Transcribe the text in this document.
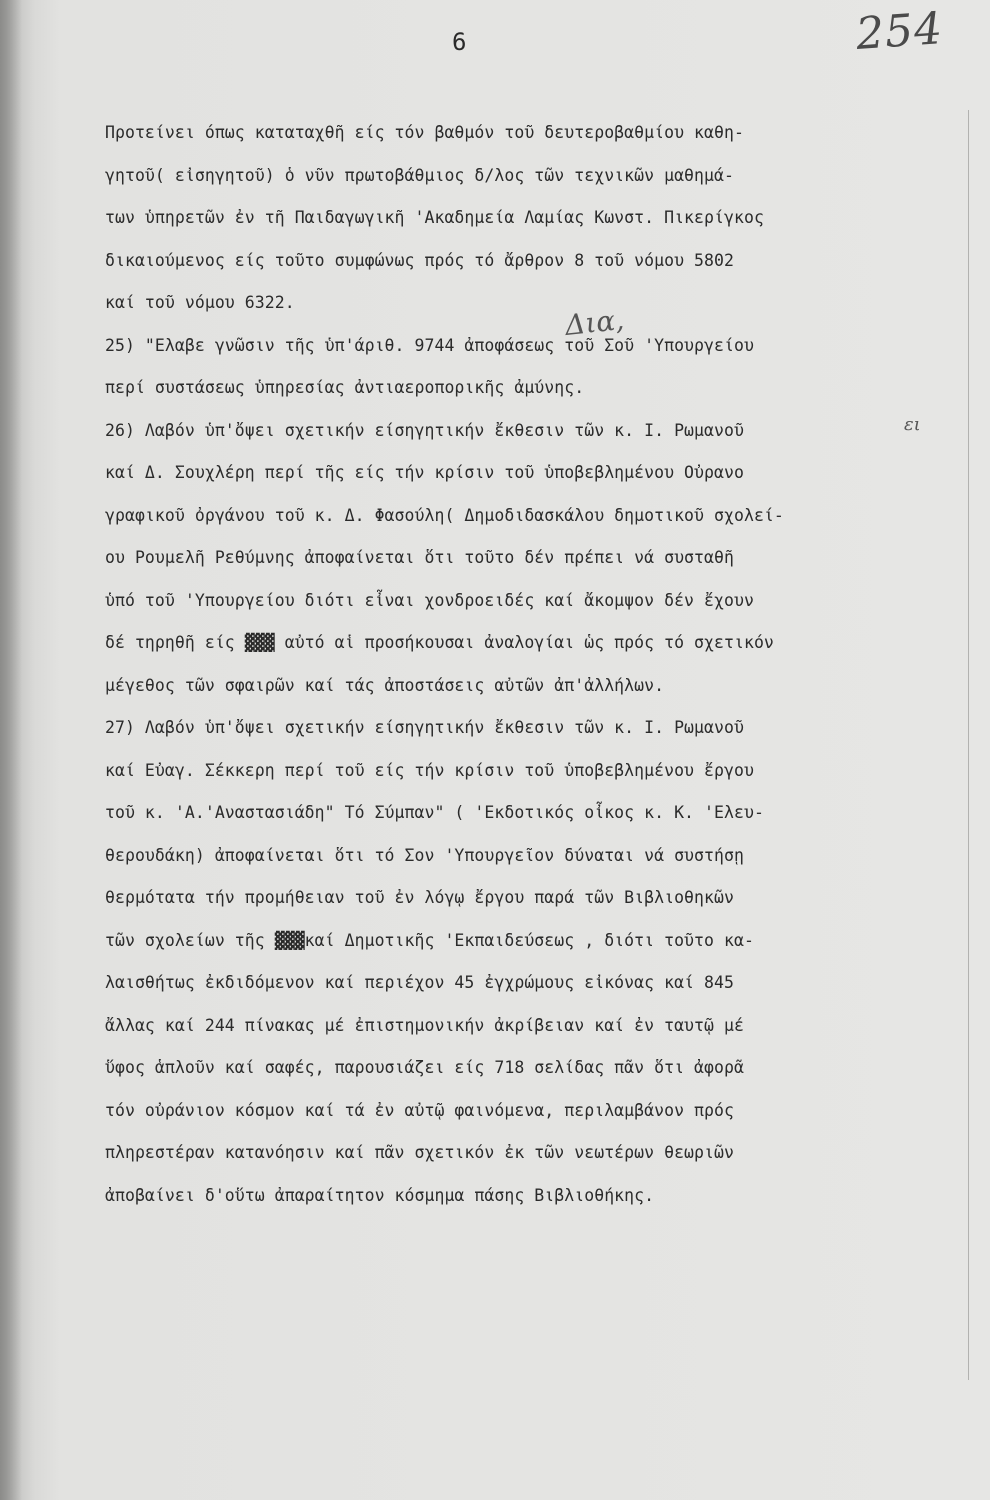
6	254
Δια,
ει
Προτείνει όπως καταταχθῆ είς τόν βαθμόν τοῦ δευτεροβαθμίου καθη-
γητοῦ( εἰσηγητοῦ) ὁ νῦν πρωτοβάθμιος δ/λος τῶν τεχνικῶν μαθημά-
των ὑπηρετῶν ἐν τῆ Παιδαγωγικῆ 'Ακαδημεία Λαμίας Κωνστ. Πικερίγκος
δικαιούμενος είς τοῦτο συμφώνως πρός τό ἄρθρον 8 τοῦ νόμου 5802
καί τοῦ νόμου 6322.
25) "Ελαβε γνῶσιν τῆς ὑπ'άριθ. 9744 ἀποφάσεως τοῦ Σοῦ 'Υπουργείου
περί συστάσεως ὑπηρεσίας ἀντιαεροπορικῆς ἀμύνης.
26) Λαβόν ὑπ'ὄψει σχετικήν είσηγητικήν ἔκθεσιν τῶν κ. Ι. Ρωμανοῦ
καί Δ. Σουχλέρη περί τῆς είς τήν κρίσιν τοῦ ὑποβεβλημένου Οὐρανο
γραφικοῦ ὀργάνου τοῦ κ. Δ. Φασούλη( Δημοδιδασκάλου δημοτικοῦ σχολεί-
ου Ρουμελῆ Ρεθύμνης ἀποφαίνεται ὅτι τοῦτο δέν πρέπει νά συσταθῆ
ὑπό τοῦ 'Υπουργείου διότι εἶναι χονδροειδές καί ἄκομψον δέν ἔχουν
δέ τηρηθῆ είς ▓▓▓ αὐτό αἱ προσήκουσαι ἀναλογίαι ὡς πρός τό σχετικόν
μέγεθος τῶν σφαιρῶν καί τάς ἀποστάσεις αὐτῶν ἀπ'ἀλλήλων.
27) Λαβόν ὑπ'ὄψει σχετικήν είσηγητικήν ἔκθεσιν τῶν κ. Ι. Ρωμανοῦ
καί Εὐαγ. Σέκκερη περί τοῦ είς τήν κρίσιν τοῦ ὑποβεβλημένου ἔργου
τοῦ κ. 'Α.'Αναστασιάδη" Τό Σύμπαν" ( 'Εκδοτικός οἶκος κ. Κ. 'Ελευ-
θερουδάκη) ἀποφαίνεται ὅτι τό Σον 'Υπουργεῖον δύναται νά συστήσῃ
θερμότατα τήν προμήθειαν τοῦ ἐν λόγῳ ἔργου παρά τῶν Βιβλιοθηκῶν
τῶν σχολείων τῆς ▓▓▓καί Δημοτικῆς 'Εκπαιδεύσεως , διότι τοῦτο κα-
λαισθήτως ἐκδιδόμενον καί περιέχον 45 ἐγχρώμους εἰκόνας καί 845
ἄλλας καί 244 πίνακας μέ ἐπιστημονικήν ἀκρίβειαν καί ἐν ταυτῷ μέ
ὕφος ἁπλοῦν καί σαφές, παρουσιάζει είς 718 σελίδας πᾶν ὅτι ἀφορᾶ
τόν οὐράνιον κόσμον καί τά ἐν αὐτῷ φαινόμενα, περιλαμβάνον πρός
πληρεστέραν κατανόησιν καί πᾶν σχετικόν ἐκ τῶν νεωτέρων θεωριῶν
ἀποβαίνει δ'οὕτω ἀπαραίτητον κόσμημα πάσης Βιβλιοθήκης.
